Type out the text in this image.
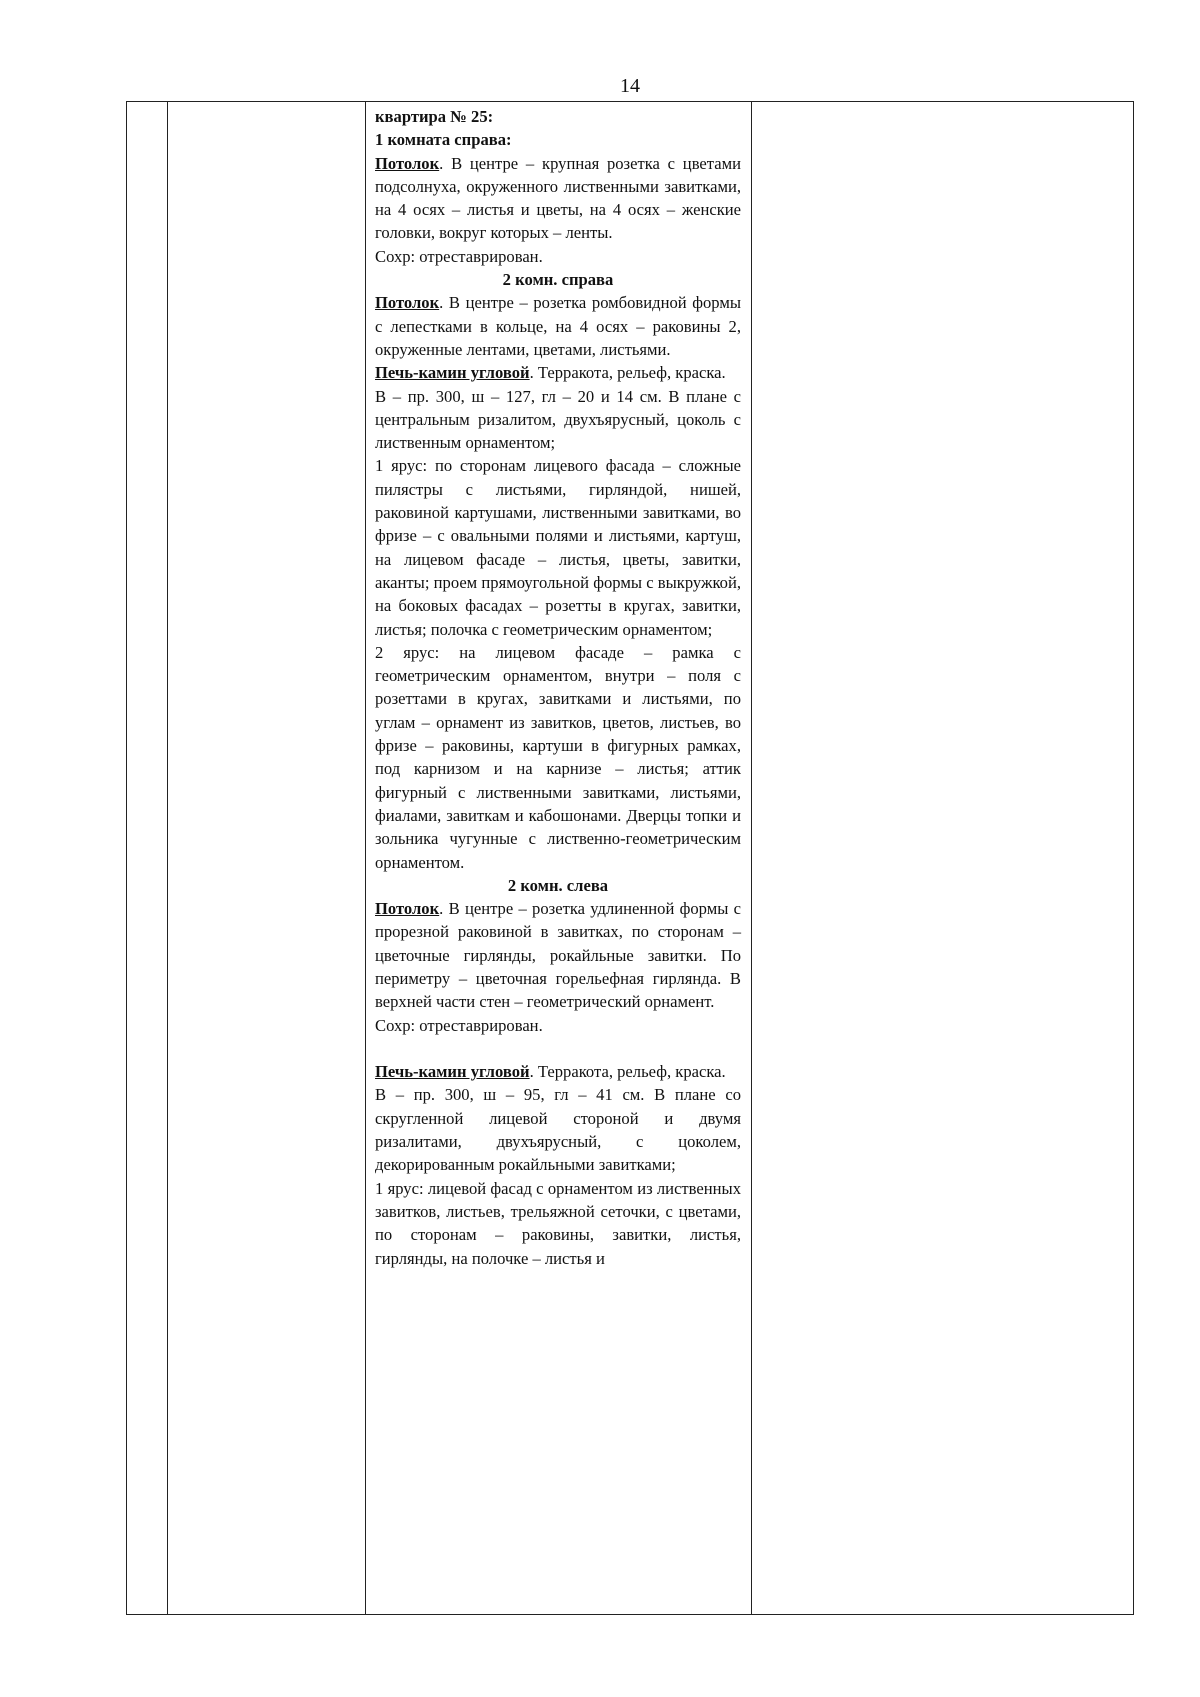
14

квартира № 25:

1 комната справа:

Потолок. В центре – крупная розетка с цветами подсолнуха, окруженного лиственными завитками, на 4 осях – листья и цветы, на 4 осях – женские головки, вокруг которых – ленты.

Сохр: отреставрирован.

2 комн. справа

Потолок. В центре – розетка ромбовидной формы с лепестками в кольце, на 4 осях – раковины 2, окруженные лентами, цветами, листьями.

Печь-камин угловой. Терракота, рельеф, краска.

В – пр. 300, ш – 127, гл – 20 и 14 см. В плане с центральным ризалитом, двухъярусный, цоколь с лиственным орнаментом;

1 ярус: по сторонам лицевого фасада – сложные пилястры с листьями, гирляндой, нишей, раковиной картушами, лиственными завитками, во фризе – с овальными полями и листьями, картуш, на лицевом фасаде – листья, цветы, завитки, аканты; проем прямоугольной формы с выкружкой, на боковых фасадах – розетты в кругах, завитки, листья; полочка с геометрическим орнаментом;

2 ярус: на лицевом фасаде – рамка с геометрическим орнаментом, внутри – поля с розеттами в кругах, завитками и листьями, по углам – орнамент из завитков, цветов, листьев, во фризе – раковины, картуши в фигурных рамках, под карнизом и на карнизе – листья; аттик фигурный с лиственными завитками, листьями, фиалами, завиткам и кабошонами. Дверцы топки и зольника чугунные с лиственно-геометрическим орнаментом.

2 комн. слева

Потолок. В центре – розетка удлиненной формы с прорезной раковиной в завитках, по сторонам – цветочные гирлянды, рокайльные завитки. По периметру – цветочная горельефная гирлянда. В верхней части стен – геометрический орнамент.

Сохр: отреставрирован.

Печь-камин угловой. Терракота, рельеф, краска.

В – пр. 300, ш – 95, гл – 41 см. В плане со скругленной лицевой стороной и двумя ризалитами, двухъярусный, с цоколем, декорированным рокайльными завитками;

1 ярус: лицевой фасад с орнаментом из лиственных завитков, листьев, трельяжной сеточки, с цветами, по сторонам – раковины, завитки, листья, гирлянды, на полочке – листья и
